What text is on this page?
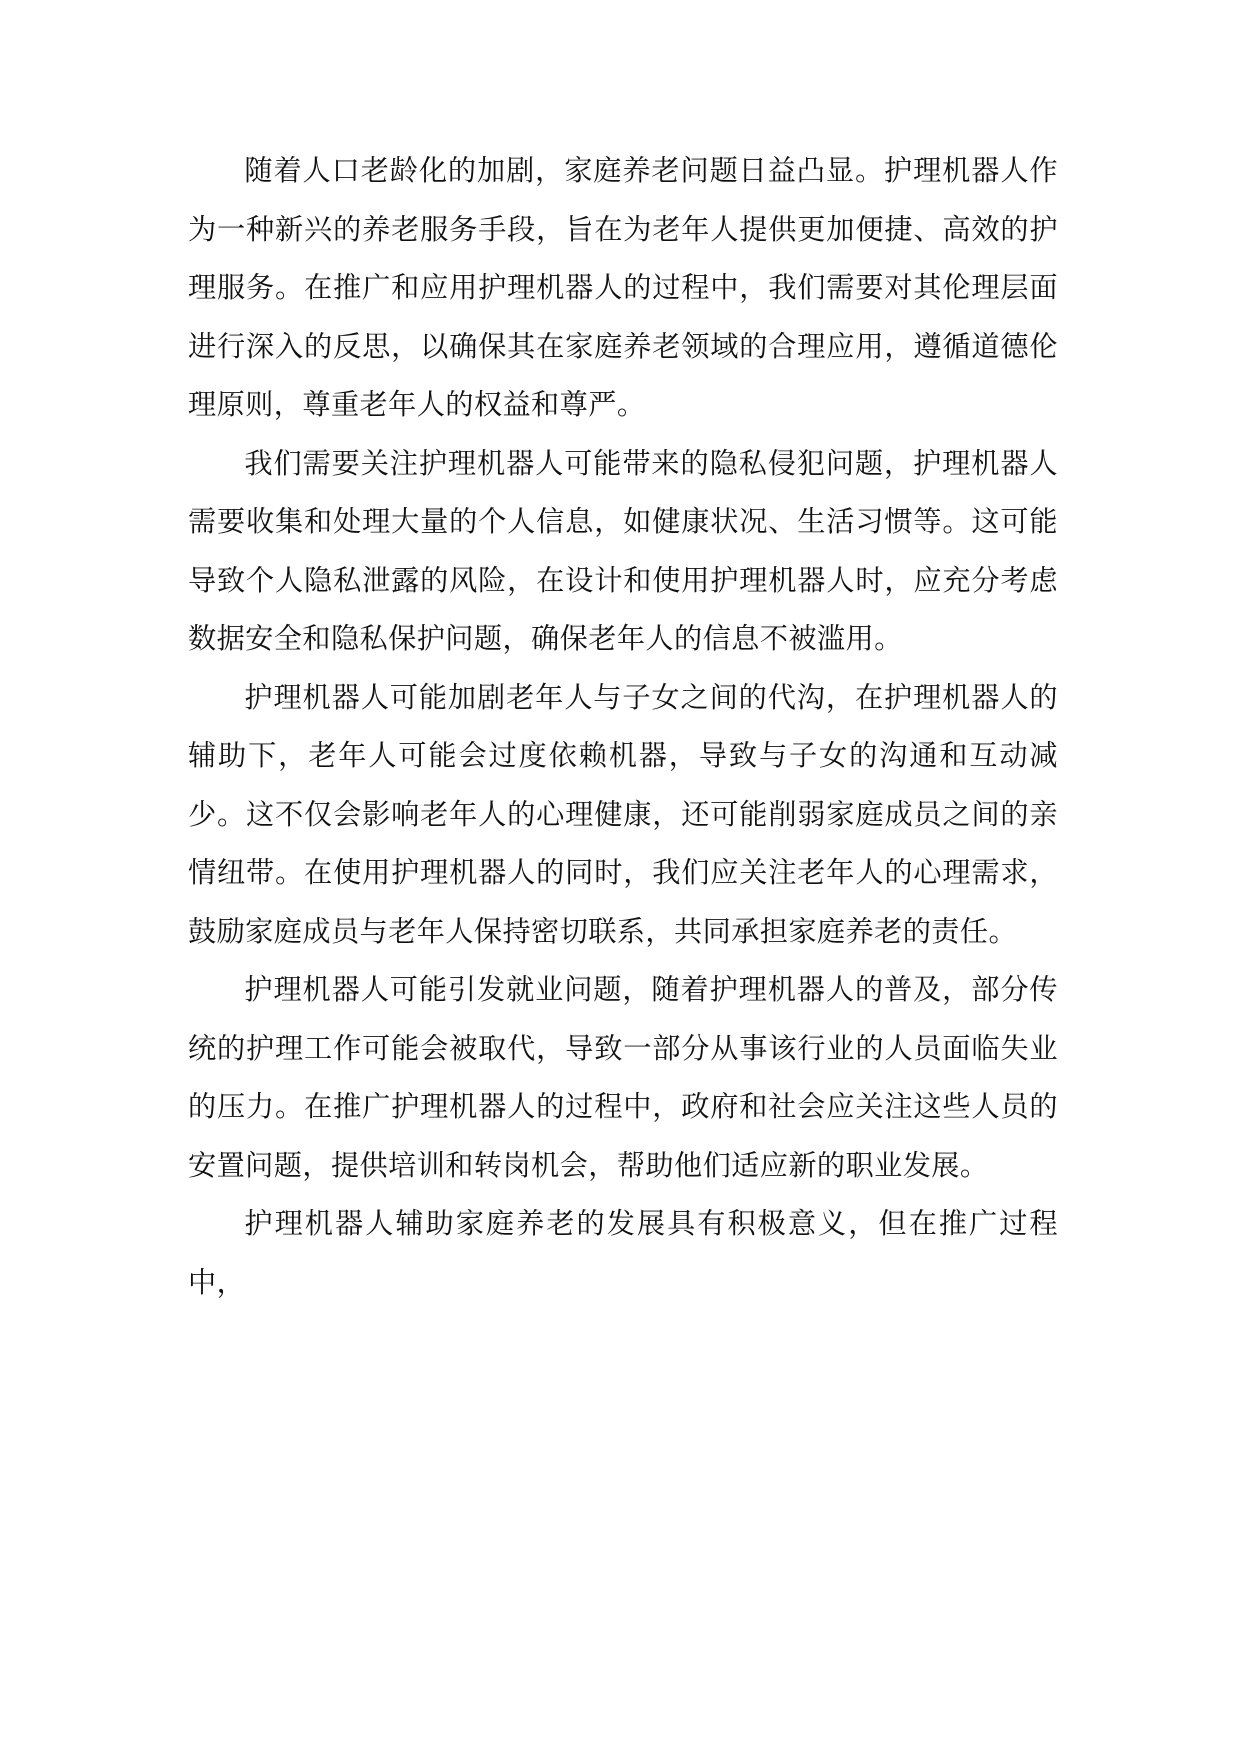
随着人口老龄化的加剧，家庭养老问题日益凸显。护理机器人作为一种新兴的养老服务手段，旨在为老年人提供更加便捷、高效的护理服务。在推广和应用护理机器人的过程中，我们需要对其伦理层面进行深入的反思，以确保其在家庭养老领域的合理应用，遵循道德伦理原则，尊重老年人的权益和尊严。

我们需要关注护理机器人可能带来的隐私侵犯问题，护理机器人需要收集和处理大量的个人信息，如健康状况、生活习惯等。这可能导致个人隐私泄露的风险，在设计和使用护理机器人时，应充分考虑数据安全和隐私保护问题，确保老年人的信息不被滥用。

护理机器人可能加剧老年人与子女之间的代沟，在护理机器人的辅助下，老年人可能会过度依赖机器，导致与子女的沟通和互动减少。这不仅会影响老年人的心理健康，还可能削弱家庭成员之间的亲情纽带。在使用护理机器人的同时，我们应关注老年人的心理需求，鼓励家庭成员与老年人保持密切联系，共同承担家庭养老的责任。

护理机器人可能引发就业问题，随着护理机器人的普及，部分传统的护理工作可能会被取代，导致一部分从事该行业的人员面临失业的压力。在推广护理机器人的过程中，政府和社会应关注这些人员的安置问题，提供培训和转岗机会，帮助他们适应新的职业发展。

护理机器人辅助家庭养老的发展具有积极意义，但在推广过程中，
